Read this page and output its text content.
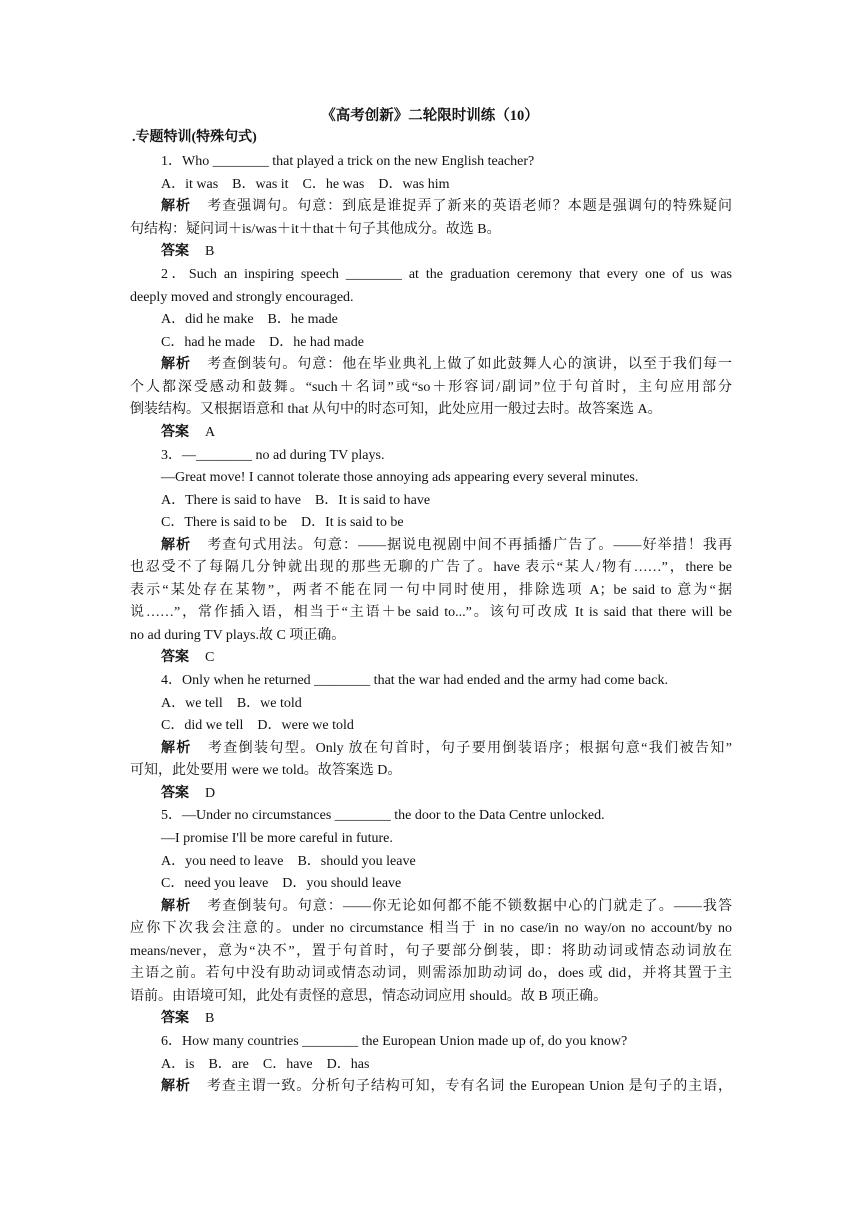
《高考创新》二轮限时训练（10）
.专题特训(特殊句式)
1．Who ________ that played a trick on the new English teacher?
A．it was　B．was it　C．he was　D．was him
解析 考查强调句。句意：到底是谁捉弄了新来的英语老师？本题是强调句的特殊疑问
句结构：疑问词＋is/was＋it＋that＋句子其他成分。故选 B。
答案 B
2．Such an inspiring speech ________ at the graduation ceremony that every one of us was
deeply moved and strongly encouraged.
A．did he make　B．he made
C．had he made　D．he had made
解析 考查倒装句。句意：他在毕业典礼上做了如此鼓舞人心的演讲，以至于我们每一
个人都深受感动和鼓舞。“such＋名词”或“so＋形容词/副词”位于句首时，主句应用部分
倒装结构。又根据语意和 that 从句中的时态可知，此处应用一般过去时。故答案选 A。
答案 A
3．—________ no ad during TV plays.
—Great move! I cannot tolerate those annoying ads appearing every several minutes.
A．There is said to have　B．It is said to have
C．There is said to be　D．It is said to be
解析 考查句式用法。句意：——据说电视剧中间不再插播广告了。——好举措！我再
也忍受不了每隔几分钟就出现的那些无聊的广告了。have 表示“某人/物有……”，there be
表示“某处存在某物”，两者不能在同一句中同时使用，排除选项 A；be said to 意为“据
说……”，常作插入语，相当于“主语＋be said to...”。该句可改成 It is said that there will be
no ad during TV plays.故 C 项正确。
答案 C
4．Only when he returned ________ that the war had ended and the army had come back.
A．we tell　B．we told
C．did we tell　D．were we told
解析 考查倒装句型。Only 放在句首时，句子要用倒装语序；根据句意“我们被告知”
可知，此处要用 were we told。故答案选 D。
答案 D
5．—Under no circumstances ________ the door to the Data Centre unlocked.
—I promise I'll be more careful in future.
A．you need to leave　B．should you leave
C．need you leave　D．you should leave
解析 考查倒装句。句意：——你无论如何都不能不锁数据中心的门就走了。——我答
应你下次我会注意的。under no circumstance 相当于 in no case/in no way/on no account/by no
means/never，意为“决不”，置于句首时，句子要部分倒装，即：将助动词或情态动词放在
主语之前。若句中没有助动词或情态动词，则需添加助动词 do，does 或 did，并将其置于主
语前。由语境可知，此处有责怪的意思，情态动词应用 should。故 B 项正确。
答案 B
6．How many countries ________ the European Union made up of, do you know?
A．is　B．are　C．have　D．has
解析 考查主谓一致。分析句子结构可知，专有名词 the European Union 是句子的主语，
